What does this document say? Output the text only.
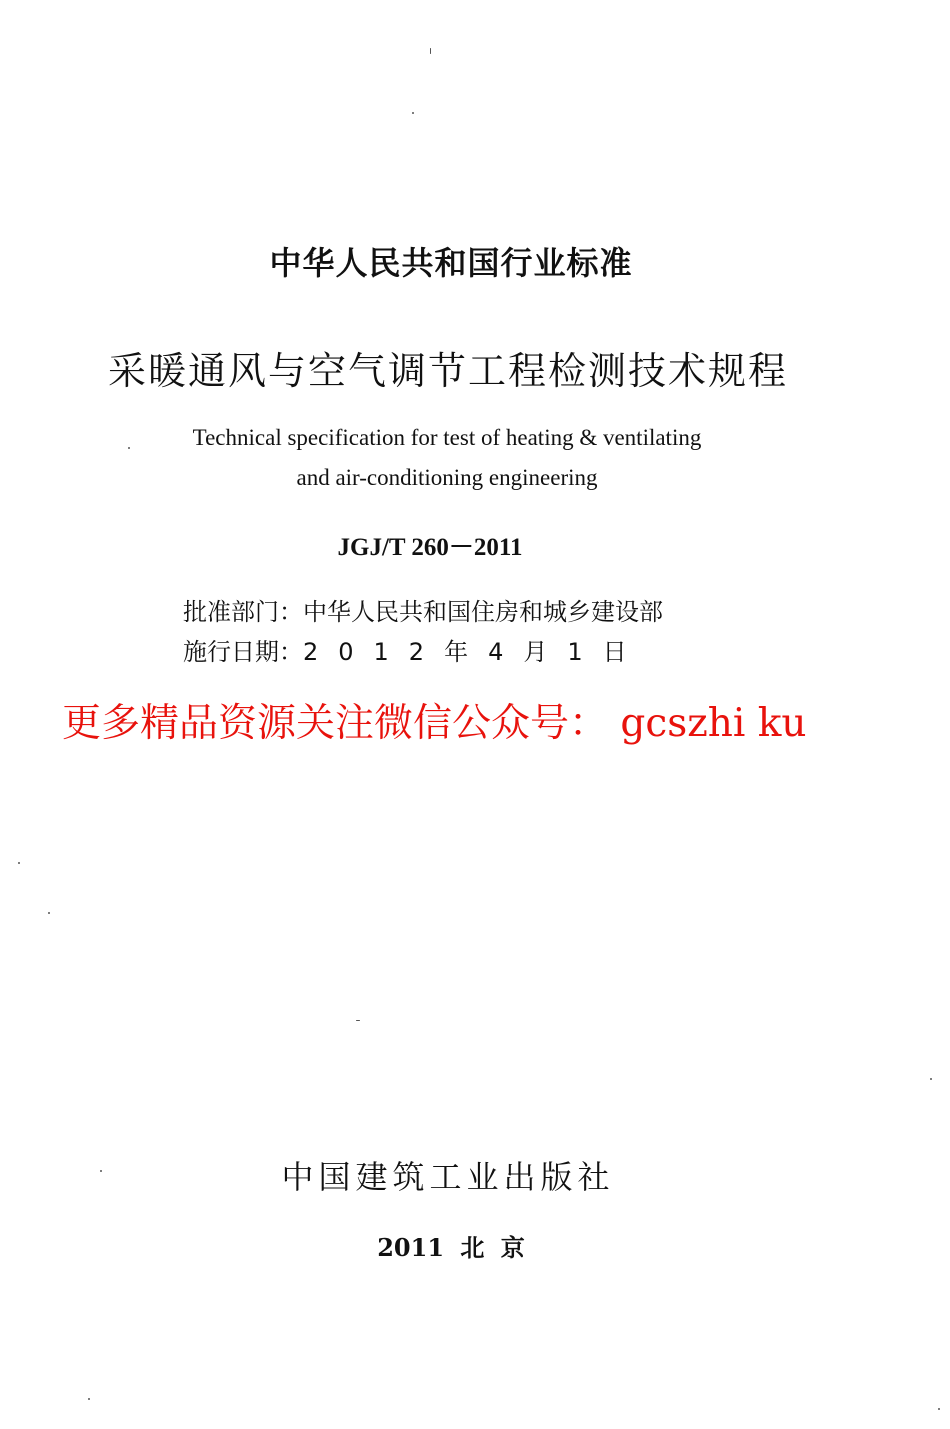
中华人民共和国行业标准
采暖通风与空气调节工程检测技术规程
Technical specification for test of heating & ventilating
and air-conditioning engineering
JGJ/T 260－2011
批准部门：中华人民共和国住房和城乡建设部
施行日期：2012年4月1日
更多精品资源关注微信公众号： gcszhi ku
中国建筑工业出版社
2011 北 京
